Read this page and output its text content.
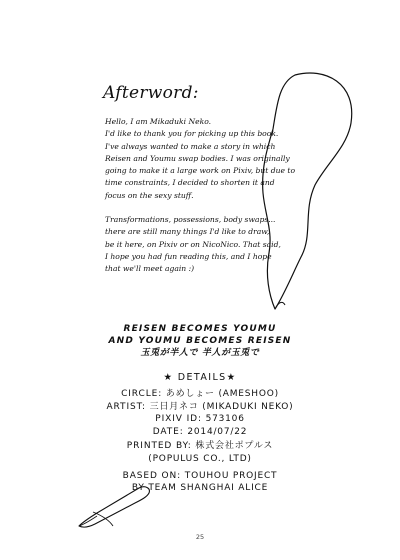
Afterword:
Hello, I am Mikaduki Neko.
I'd like to thank you for picking up this book.
I've always wanted to make a story in which
Reisen and Youmu swap bodies. I was originally
going to make it a large work on Pixiv, but due to
time constraints, I decided to shorten it and
focus on the sexy stuff.
Transformations, possessions, body swaps...
there are still many things I'd like to draw,
be it here, on Pixiv or on NicoNico. That said,
I hope you had fun reading this, and I hope
that we'll meet again :)
REISEN BECOMES YOUMU
AND YOUMU BECOMES REISEN
玉兎が半人で 半人が玉兎で
★ DETAILS★
CIRCLE: あめしょー (AMESHOO)
ARTIST: 三日月ネコ (MIKADUKI NEKO)
PIXIV ID: 573106
DATE: 2014/07/22
PRINTED BY: 株式会社ポプルス
(POPULUS CO., LTD)
BASED ON: TOUHOU PROJECT
BY TEAM SHANGHAI ALICE
25
